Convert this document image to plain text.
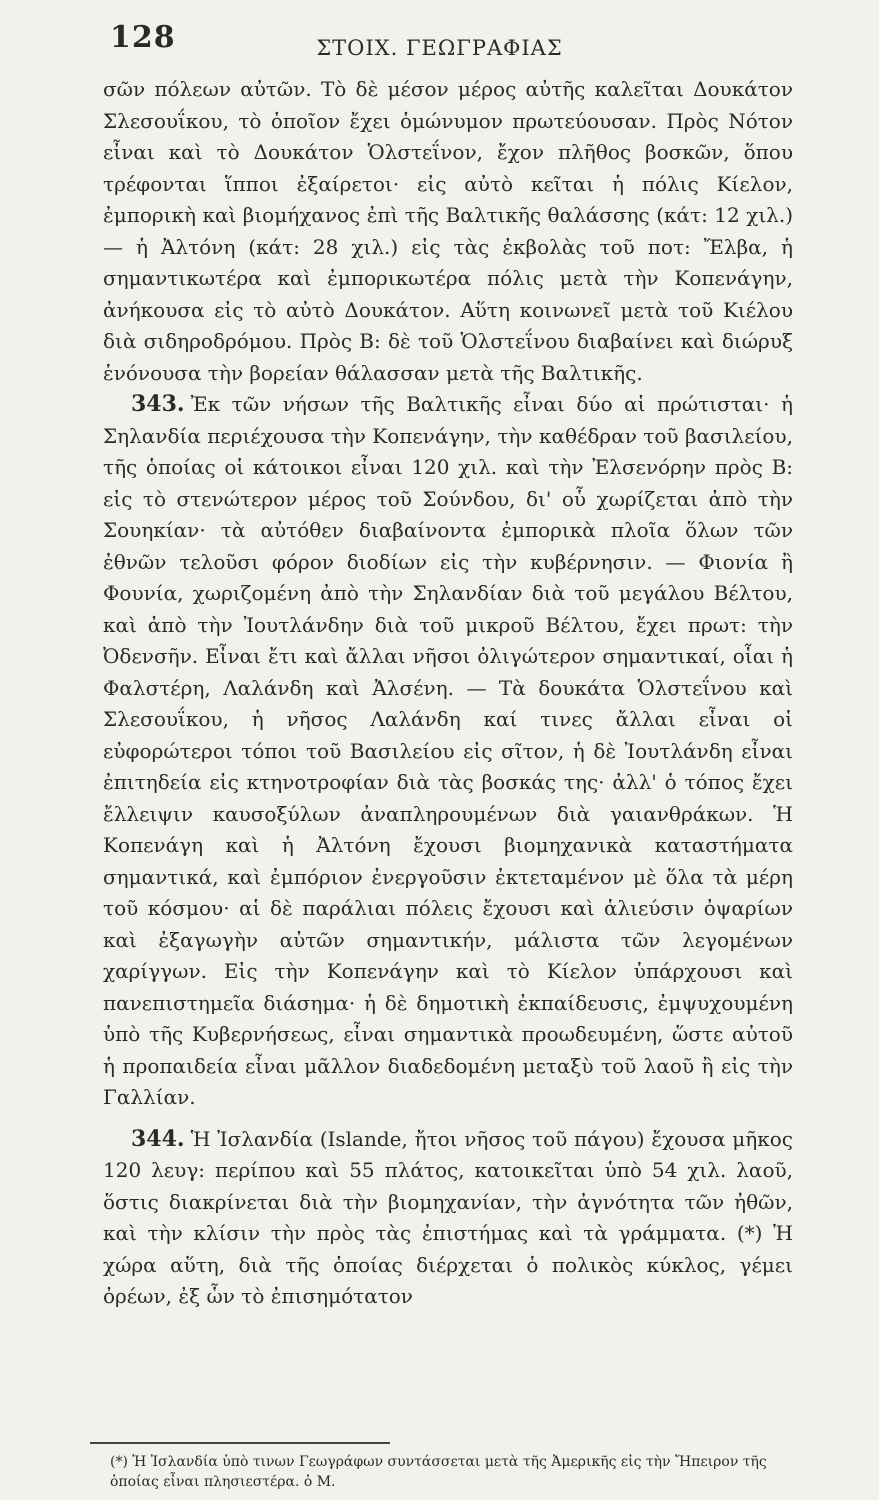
128	ΣΤΟΙΧ. ΓΕΩΓΡΑΦΙΑΣ

σῶν πόλεων αὐτῶν. Τὸ δὲ μέσον μέρος αὐτῆς καλεῖται Δουκάτον Σλεσουΐκου, τὸ ὁποῖον ἔχει ὁμώνυμον πρωτεύουσαν. Πρὸς Νότον εἶναι καὶ τὸ Δουκάτον Ὁλστεΐνον, ἔχον πλῆθος βοσκῶν, ὅπου τρέφονται ἵπποι ἐξαίρετοι· εἰς αὐτὸ κεῖται ἡ πόλις Κίελον, ἐμπορικὴ καὶ βιομήχανος ἐπὶ τῆς Βαλτικῆς θαλάσσης (κάτ: 12 χιλ.) — ἡ Ἀλτόνη (κάτ: 28 χιλ.) εἰς τὰς ἐκβολὰς τοῦ ποτ: Ἔλβα, ἡ σημαντικωτέρα καὶ ἐμπορικωτέρα πόλις μετὰ τὴν Κοπενάγην, ἀνήκουσα εἰς τὸ αὐτὸ Δουκάτον. Αὕτη κοινωνεῖ μετὰ τοῦ Κιέλου διὰ σιδηροδρόμου. Πρὸς Β: δὲ τοῦ Ὁλστεΐνου διαβαίνει καὶ διώρυξ ἑνόνουσα τὴν βορείαν θάλασσαν μετὰ τῆς Βαλτικῆς.

343. Ἐκ τῶν νήσων τῆς Βαλτικῆς εἶναι δύο αἱ πρώτισται· ἡ Σηλανδία περιέχουσα τὴν Κοπενάγην, τὴν καθέδραν τοῦ βασιλείου, τῆς ὁποίας οἱ κάτοικοι εἶναι 120 χιλ. καὶ τὴν Ἐλσενόρην πρὸς Β: εἰς τὸ στενώτερον μέρος τοῦ Σούνδου, δι' οὗ χωρίζεται ἀπὸ τὴν Σουηκίαν· τὰ αὐτόθεν διαβαίνοντα ἐμπορικὰ πλοῖα ὅλων τῶν ἐθνῶν τελοῦσι φόρον διοδίων εἰς τὴν κυβέρνησιν. — Φιονία ἢ Φουνία, χωριζομένη ἀπὸ τὴν Σηλανδίαν διὰ τοῦ μεγάλου Βέλτου, καὶ ἀπὸ τὴν Ἰουτλάνδην διὰ τοῦ μικροῦ Βέλτου, ἔχει πρωτ: τὴν Ὀδενσῆν. Εἶναι ἔτι καὶ ἄλλαι νῆσοι ὀλιγώτερον σημαντικαί, οἷαι ἡ Φαλστέρη, Λαλάνδη καὶ Ἀλσένη. — Τὰ δουκάτα Ὁλστεΐνου καὶ Σλεσουΐκου, ἡ νῆσος Λαλάνδη καί τινες ἄλλαι εἶναι οἱ εὐφορώτεροι τόποι τοῦ Βασιλείου εἰς σῖτον, ἡ δὲ Ἰουτλάνδη εἶναι ἐπιτηδεία εἰς κτηνοτροφίαν διὰ τὰς βοσκάς της· ἀλλ' ὁ τόπος ἔχει ἔλλειψιν καυσοξύλων ἀναπληρουμένων διὰ γαιανθράκων. Ἡ Κοπενάγη καὶ ἡ Ἀλτόνη ἔχουσι βιομηχανικὰ καταστήματα σημαντικά, καὶ ἐμπόριον ἐνεργοῦσιν ἐκτεταμένον μὲ ὅλα τὰ μέρη τοῦ κόσμου· αἱ δὲ παράλιαι πόλεις ἔχουσι καὶ ἁλιεύσιν ὀψαρίων καὶ ἐξαγωγὴν αὐτῶν σημαντικήν, μάλιστα τῶν λεγομένων χαρίγγων. Εἰς τὴν Κοπενάγην καὶ τὸ Κίελον ὑπάρχουσι καὶ πανεπιστημεῖα διάσημα· ἡ δὲ δημοτικὴ ἐκπαίδευσις, ἐμψυχουμένη ὑπὸ τῆς Κυβερνήσεως, εἶναι σημαντικὰ προωδευμένη, ὥστε αὐτοῦ ἡ προπαιδεία εἶναι μᾶλλον διαδεδομένη μεταξὺ τοῦ λαοῦ ἢ εἰς τὴν Γαλλίαν.

344. Ἡ Ἰσλανδία (Islande, ἤτοι νῆσος τοῦ πάγου) ἔχουσα μῆκος 120 λευγ: περίπου καὶ 55 πλάτος, κατοικεῖται ὑπὸ 54 χιλ. λαοῦ, ὅστις διακρίνεται διὰ τὴν βιομηχανίαν, τὴν ἀγνότητα τῶν ἠθῶν, καὶ τὴν κλίσιν τὴν πρὸς τὰς ἐπιστήμας καὶ τὰ γράμματα. (*) Ἡ χώρα αὕτη, διὰ τῆς ὁποίας διέρχεται ὁ πολικὸς κύκλος, γέμει ὀρέων, ἐξ ὧν τὸ ἐπισημότατον

(*) Ἡ Ἰσλανδία ὑπὸ τινων Γεωγράφων συντάσσεται μετὰ τῆς Ἀμερικῆς εἰς τὴν Ἤπειρον τῆς ὁποίας εἶναι πλησιεστέρα. ὁ Μ.
